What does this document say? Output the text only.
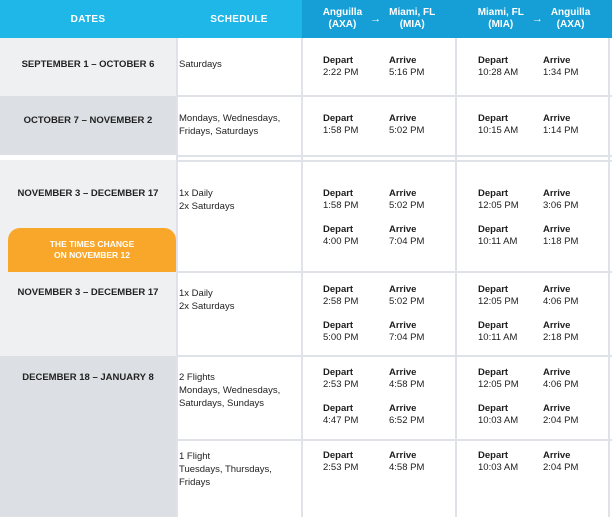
DATES	SCHEDULE
Anguilla
(AXA) →
Miami, FL
(MIA)
Miami, FL
(MIA) →
Anguilla
(AXA)
SEPTEMBER 1 – OCTOBER 6
OCTOBER 7 – NOVEMBER 2
NOVEMBER 3 – DECEMBER 17
NOVEMBER 3 – DECEMBER 17
DECEMBER 18 – JANUARY 8
THE TIMES CHANGE
ON NOVEMBER 12
Saturdays
Mondays, Wednesdays,
Fridays, Saturdays
1x Daily
2x Saturdays
1x Daily
2x Saturdays
2 Flights
Mondays, Wednesdays,
Saturdays, Sundays
1 Flight
Tuesdays, Thursdays,
Fridays
Depart
2:22 PM
Arrive
5:16 PM
Depart
10:28 AM
Arrive
1:34 PM
Depart
1:58 PM
Arrive
5:02 PM
Depart
10:15 AM
Arrive
1:14 PM
Depart
1:58 PM
Arrive
5:02 PM
Depart
12:05 PM
Arrive
3:06 PM
Depart
4:00 PM
Arrive
7:04 PM
Depart
10:11 AM
Arrive
1:18 PM
Depart
2:58 PM
Arrive
5:02 PM
Depart
12:05 PM
Arrive
4:06 PM
Depart
5:00 PM
Arrive
7:04 PM
Depart
10:11 AM
Arrive
2:18 PM
Depart
2:53 PM
Arrive
4:58 PM
Depart
12:05 PM
Arrive
4:06 PM
Depart
4:47 PM
Arrive
6:52 PM
Depart
10:03 AM
Arrive
2:04 PM
Depart
2:53 PM
Arrive
4:58 PM
Depart
10:03 AM
Arrive
2:04 PM
